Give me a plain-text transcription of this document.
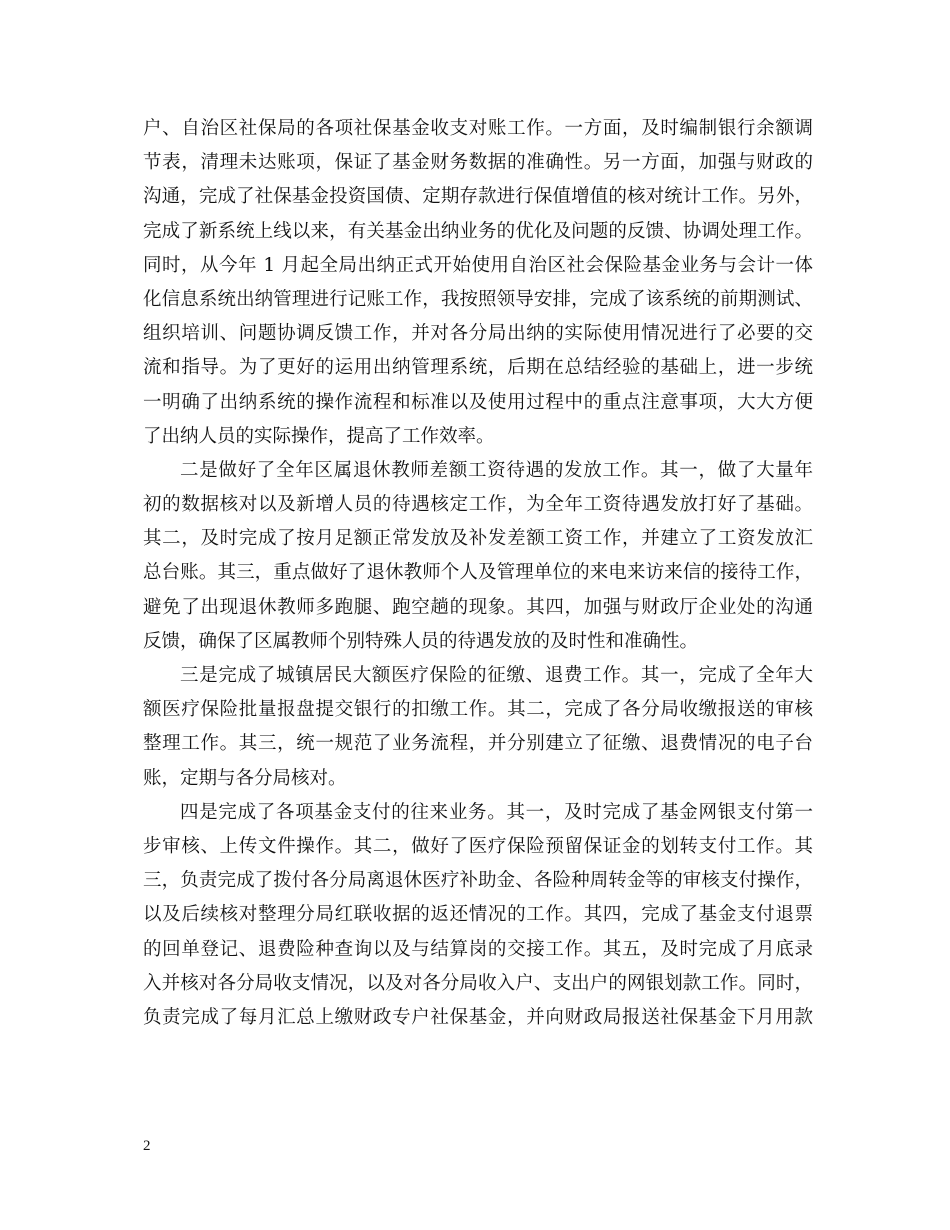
户、自治区社保局的各项社保基金收支对账工作。一方面，及时编制银行余额调
节表，清理未达账项，保证了基金财务数据的准确性。另一方面，加强与财政的
沟通，完成了社保基金投资国债、定期存款进行保值增值的核对统计工作。另外，
完成了新系统上线以来，有关基金出纳业务的优化及问题的反馈、协调处理工作。
同时，从今年 1 月起全局出纳正式开始使用自治区社会保险基金业务与会计一体
化信息系统出纳管理进行记账工作，我按照领导安排，完成了该系统的前期测试、
组织培训、问题协调反馈工作，并对各分局出纳的实际使用情况进行了必要的交
流和指导。为了更好的运用出纳管理系统，后期在总结经验的基础上，进一步统
一明确了出纳系统的操作流程和标准以及使用过程中的重点注意事项，大大方便
了出纳人员的实际操作，提高了工作效率。
二是做好了全年区属退休教师差额工资待遇的发放工作。其一，做了大量年
初的数据核对以及新增人员的待遇核定工作，为全年工资待遇发放打好了基础。
其二，及时完成了按月足额正常发放及补发差额工资工作，并建立了工资发放汇
总台账。其三，重点做好了退休教师个人及管理单位的来电来访来信的接待工作，
避免了出现退休教师多跑腿、跑空趟的现象。其四，加强与财政厅企业处的沟通
反馈，确保了区属教师个别特殊人员的待遇发放的及时性和准确性。
三是完成了城镇居民大额医疗保险的征缴、退费工作。其一，完成了全年大
额医疗保险批量报盘提交银行的扣缴工作。其二，完成了各分局收缴报送的审核
整理工作。其三，统一规范了业务流程，并分别建立了征缴、退费情况的电子台
账，定期与各分局核对。
四是完成了各项基金支付的往来业务。其一，及时完成了基金网银支付第一
步审核、上传文件操作。其二，做好了医疗保险预留保证金的划转支付工作。其
三，负责完成了拨付各分局离退休医疗补助金、各险种周转金等的审核支付操作，
以及后续核对整理分局红联收据的返还情况的工作。其四，完成了基金支付退票
的回单登记、退费险种查询以及与结算岗的交接工作。其五，及时完成了月底录
入并核对各分局收支情况，以及对各分局收入户、支出户的网银划款工作。同时，
负责完成了每月汇总上缴财政专户社保基金，并向财政局报送社保基金下月用款
2
